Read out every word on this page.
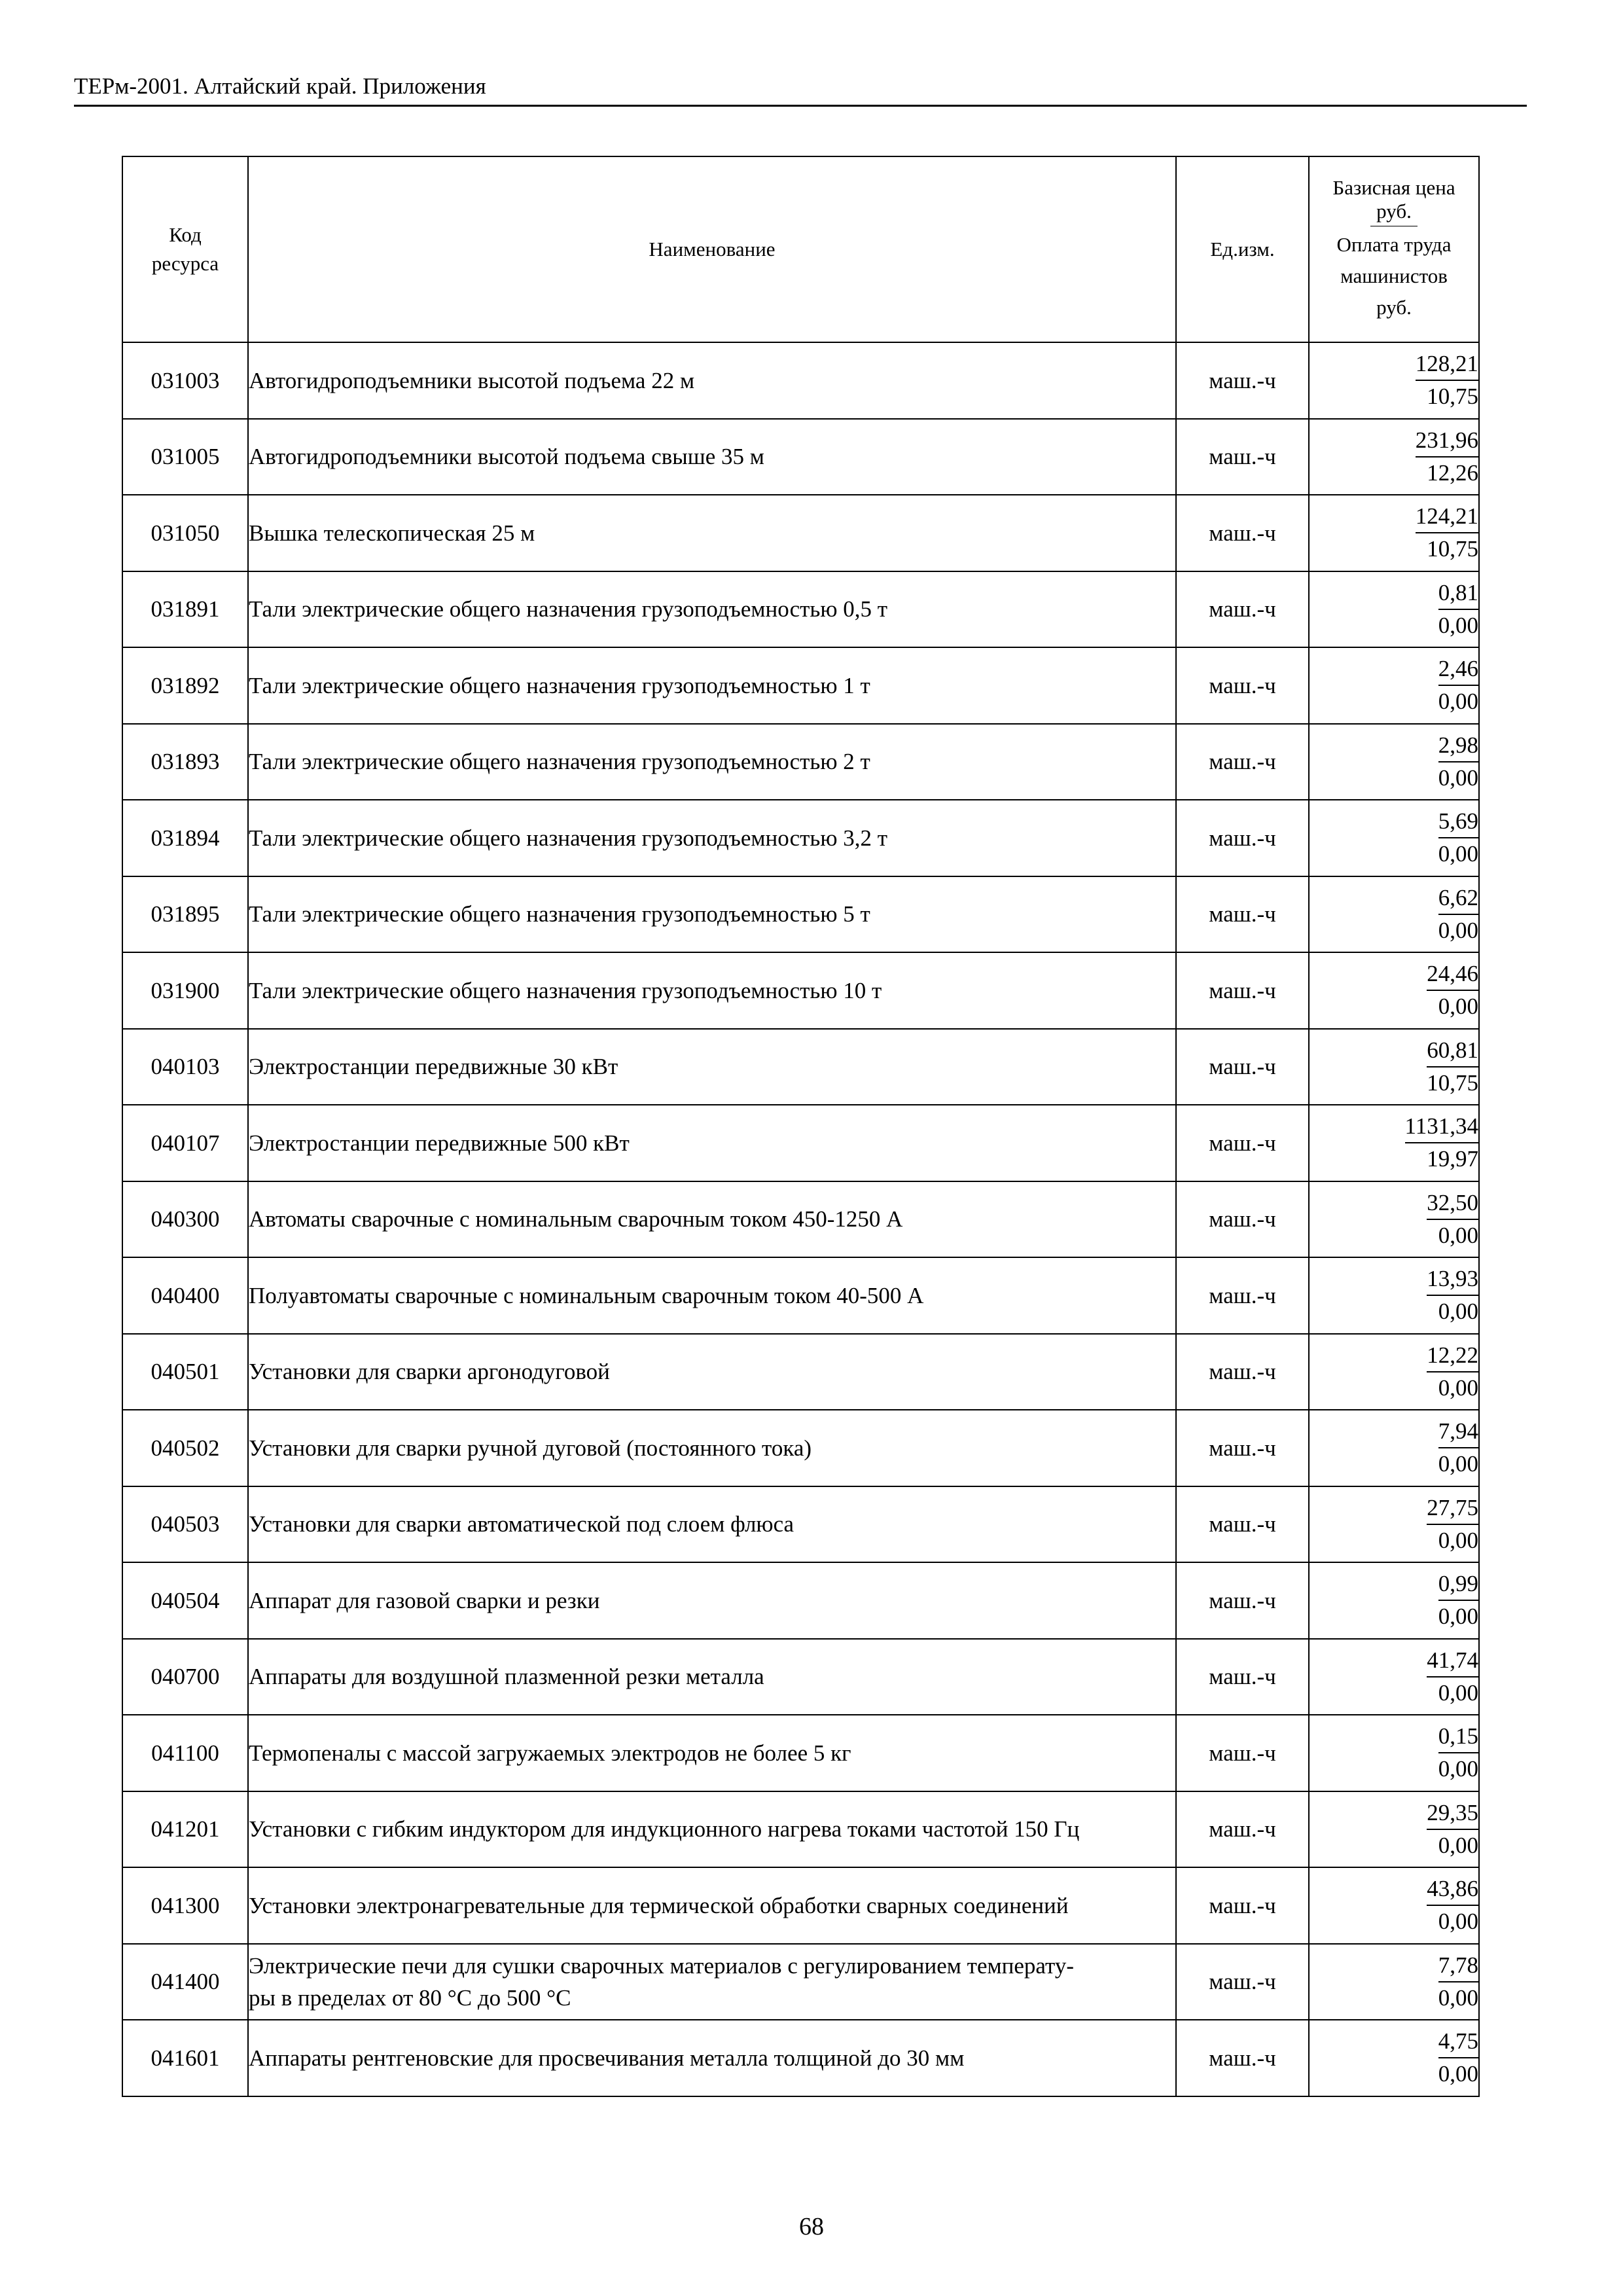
ТЕРм-2001. Алтайский край. Приложения
Код ресурса	Наименование	Ед.изм.	Базисная цена руб.
Оплата труда машинистов руб.

031003	Автогидроподъемники высотой подъема 22 м	маш.-ч	$\frac{128,21}{10,75}$

031005	Автогидроподъемники высотой подъема свыше 35 м	маш.-ч	$\frac{231,96}{12,26}$

031050	Вышка телескопическая 25 м	маш.-ч	$\frac{124,21}{10,75}$

031891	Тали электрические общего назначения грузоподъемностью 0,5 т	маш.-ч	$\frac{0,81}{0,00}$

031892	Тали электрические общего назначения грузоподъемностью 1 т	маш.-ч	$\frac{2,46}{0,00}$

031893	Тали электрические общего назначения грузоподъемностью 2 т	маш.-ч	$\frac{2,98}{0,00}$

031894	Тали электрические общего назначения грузоподъемностью 3,2 т	маш.-ч	$\frac{5,69}{0,00}$

031895	Тали электрические общего назначения грузоподъемностью 5 т	маш.-ч	$\frac{6,62}{0,00}$

031900	Тали электрические общего назначения грузоподъемностью 10 т	маш.-ч	$\frac{24,46}{0,00}$

040103	Электростанции передвижные 30 кВт	маш.-ч	$\frac{60,81}{10,75}$

040107	Электростанции передвижные 500 кВт	маш.-ч	$\frac{1131,34}{19,97}$

040300	Автоматы сварочные с номинальным сварочным током 450-1250 А	маш.-ч	$\frac{32,50}{0,00}$

040400	Полуавтоматы сварочные с номинальным сварочным током 40-500 А	маш.-ч	$\frac{13,93}{0,00}$

040501	Установки для сварки аргонодуговой	маш.-ч	$\frac{12,22}{0,00}$

040502	Установки для сварки ручной дуговой (постоянного тока)	маш.-ч	$\frac{7,94}{0,00}$

040503	Установки для сварки автоматической под слоем флюса	маш.-ч	$\frac{27,75}{0,00}$

040504	Аппарат для газовой сварки и резки	маш.-ч	$\frac{0,99}{0,00}$

040700	Аппараты для воздушной плазменной резки металла	маш.-ч	$\frac{41,74}{0,00}$

041100	Термопеналы с массой загружаемых электродов не более 5 кг	маш.-ч	$\frac{0,15}{0,00}$

041201	Установки с гибким индуктором для индукционного нагрева токами частотой 150 Гц	маш.-ч	$\frac{29,35}{0,00}$

041300	Установки электронагревательные для термической обработки сварных соединений	маш.-ч	$\frac{43,86}{0,00}$

041400	Электрические печи для сушки сварочных материалов с регулированием температу-
ры в пределах от 80 °С до 500 °С	маш.-ч	$\frac{7,78}{0,00}$

041601	Аппараты рентгеновские для просвечивания металла толщиной до 30 мм	маш.-ч	$\frac{4,75}{0,00}$
68
